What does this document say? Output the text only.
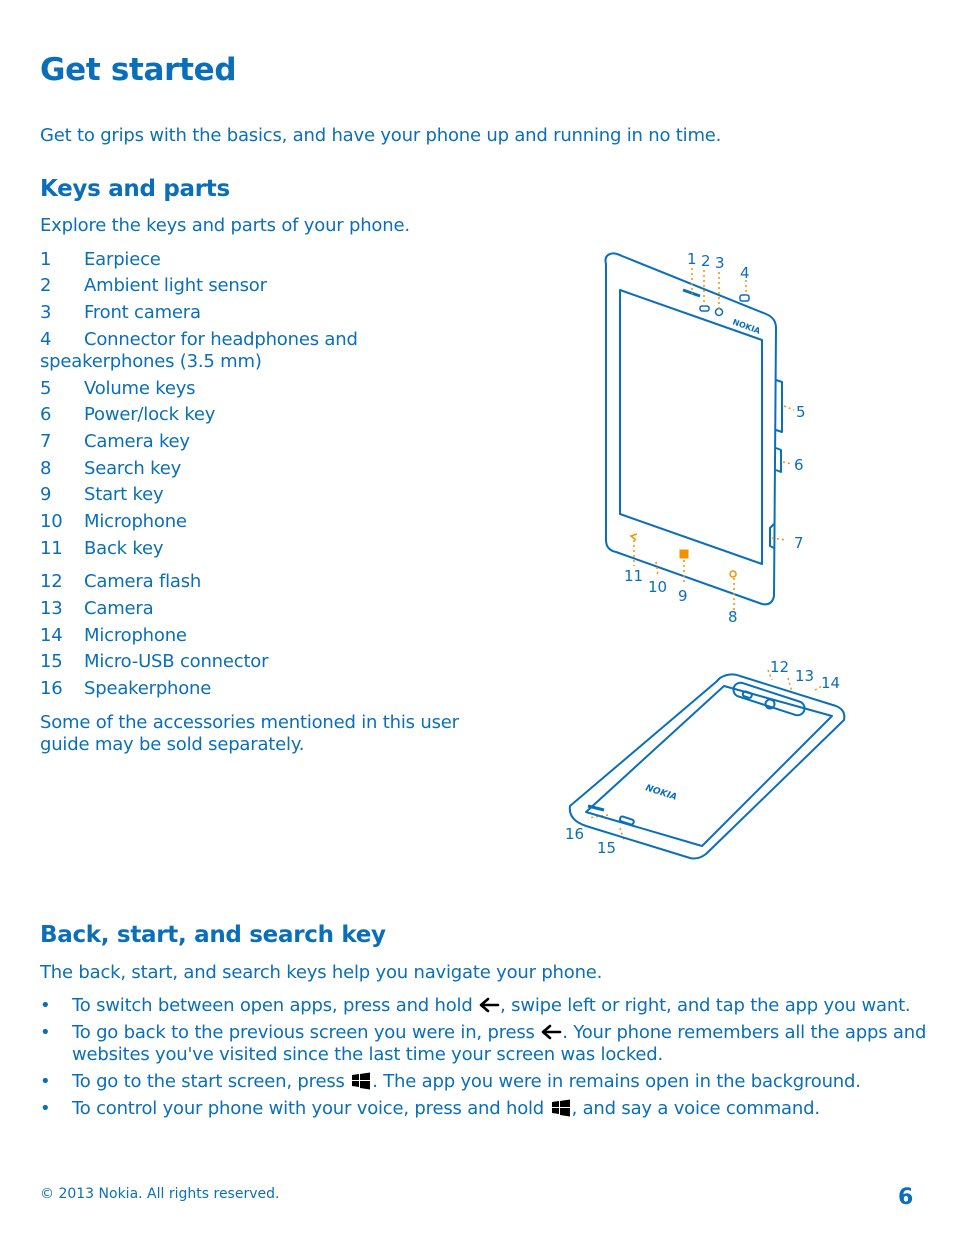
Get started
Get to grips with the basics, and have your phone up and running in no time.
Keys and parts
Explore the keys and parts of your phone.
1 Earpiece
2 Ambient light sensor
3 Front camera
4 Connector for headphones and
speakerphones (3.5 mm)
5 Volume keys
6 Power/lock key
7 Camera key
8 Search key
9 Start key
10 Microphone
11 Back key
12 Camera flash
13 Camera
14 Microphone
15 Micro-USB connector
16 Speakerphone
Some of the accessories mentioned in this user guide may be sold separately.
NOKIA
NOKIA
1 2 3
4
5
6
7
8
9
10
11
12 13 14
15
16
Back, start, and search key
The back, start, and search keys help you navigate your phone.
• To switch between open apps, press and hold , swipe left or right, and tap the app you want.
• To go back to the previous screen you were in, press . Your phone remembers all the apps and websites you've visited since the last time your screen was locked.
• To go to the start screen, press . The app you were in remains open in the background.
• To control your phone with your voice, press and hold , and say a voice command.
© 2013 Nokia. All rights reserved.	6
